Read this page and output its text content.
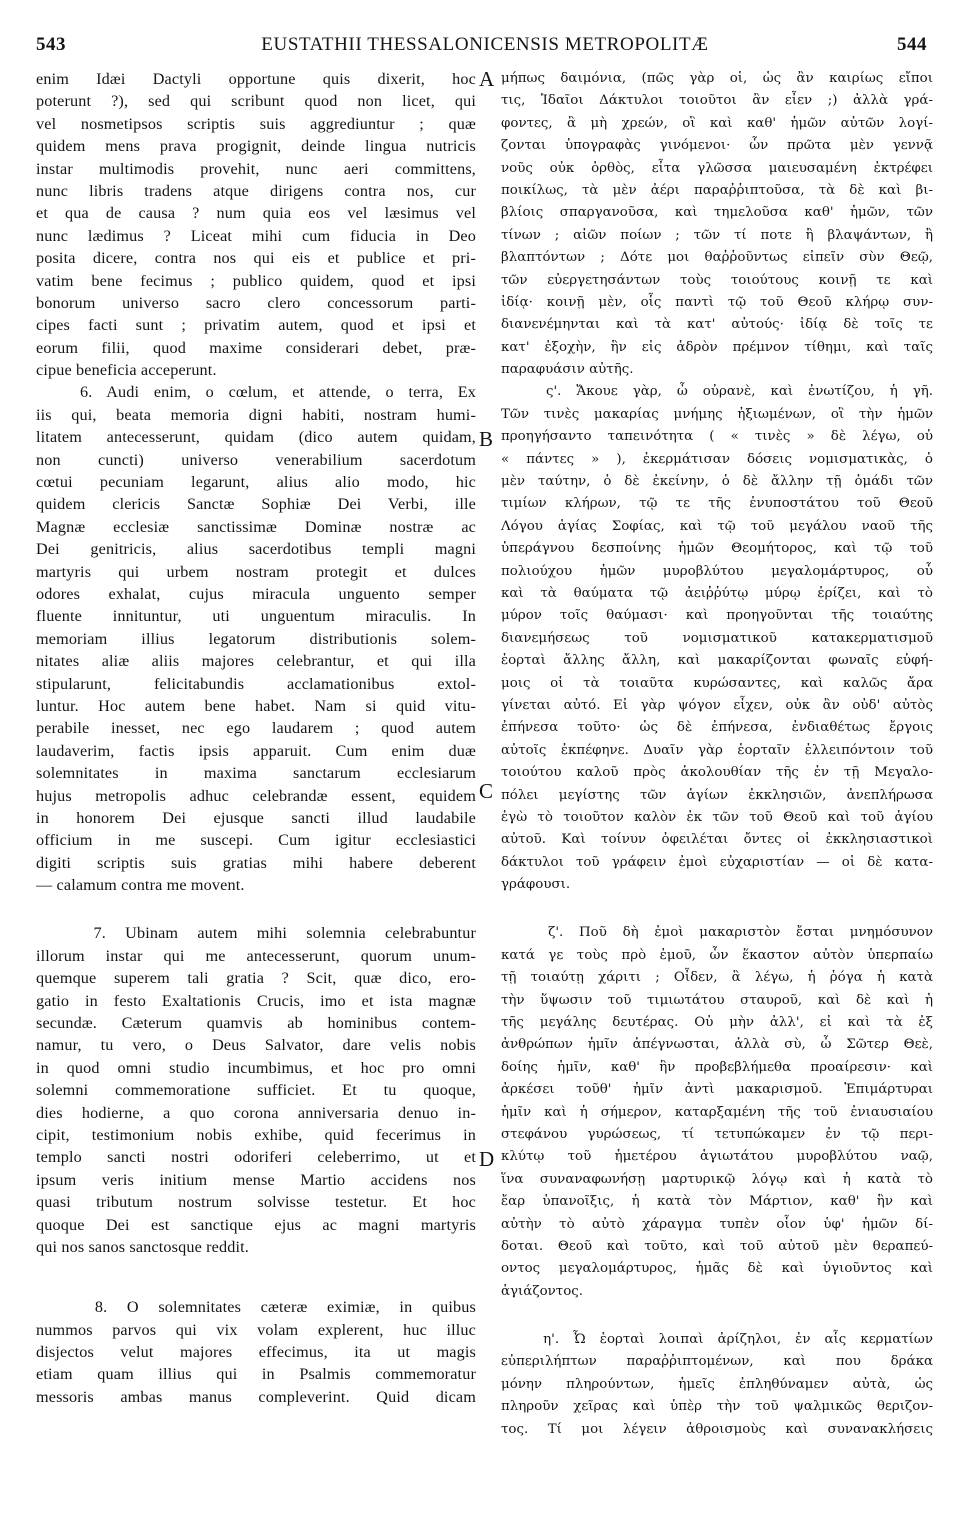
543	EUSTATHII THESSALONICENSIS METROPOLITÆ	544
enim Idæi Dactyli opportune quis dixerit, hoc
poterunt ?), sed qui scribunt quod non licet, qui
vel nosmetipsos scriptis suis aggrediuntur ; quæ
quidem mens prava progignit, deinde lingua nutricis
instar multimodis provehit, nunc aeri committens,
nunc libris tradens atque dirigens contra nos, cur
et qua de causa ? num quia eos vel læsimus vel
nunc lædimus ? Liceat mihi cum fiducia in Deo
posita dicere, contra nos qui eis et publice et pri-
vatim bene fecimus ; publico quidem, quod et ipsi
bonorum universo sacro clero concessorum parti-
cipes facti sunt ; privatim autem, quod et ipsi et
eorum filii, quod maxime considerari debet, præ-
cipue beneficia acceperunt.
6. Audi enim, o cœlum, et attende, o terra, Ex
iis qui, beata memoria digni habiti, nostram humi-
litatem antecesserunt, quidam (dico autem quidam,
non cuncti) universo venerabilium sacerdotum
cœtui pecuniam legarunt, alius alio modo, hic
quidem clericis Sanctæ Sophiæ Dei Verbi, ille
Magnæ ecclesiæ sanctissimæ Dominæ nostræ ac
Dei genitricis, alius sacerdotibus templi magni
martyris qui urbem nostram protegit et dulces
odores exhalat, cujus miracula unguento semper
fluente innituntur, uti unguentum miraculis. In
memoriam illius legatorum distributionis solem-
nitates aliæ aliis majores celebrantur, et qui illa
stipularunt, felicitabundis acclamationibus extol-
luntur. Hoc autem bene habet. Nam si quid vitu-
perabile inesset, nec ego laudarem ; quod autem
laudaverim, factis ipsis apparuit. Cum enim duæ
solemnitates in maxima sanctarum ecclesiarum
hujus metropolis adhuc celebrandæ essent, equidem
in honorem Dei ejusque sancti illud laudabile
officium in me suscepi. Cum igitur ecclesiastici
digiti scriptis suis gratias mihi habere deberent
— calamum contra me movent.
7. Ubinam autem mihi solemnia celebrabuntur
illorum instar qui me antecesserunt, quorum unum-
quemque superem tali gratia ? Scit, quæ dico, ero-
gatio in festo Exaltationis Crucis, imo et ista magnæ
secundæ. Cæterum quamvis ab hominibus contem-
namur, tu vero, o Deus Salvator, dare velis nobis
in quod omni studio incumbimus, et hoc pro omni
solemni commemoratione sufficiet. Et tu quoque,
dies hodierne, a quo corona anniversaria denuo in-
cipit, testimonium nobis exhibe, quid fecerimus in
templo sancti nostri odoriferi celeberrimo, ut et
ipsum veris initium mense Martio accidens nos
quasi tributum nostrum solvisse testetur. Et hoc
quoque Dei est sanctique ejus ac magni martyris
qui nos sanos sanctosque reddit.
8. O solemnitates cæteræ eximiæ, in quibus
nummos parvos qui vix volam explerent, huc illuc
disjectos velut majores effecimus, ita ut magis
etiam quam illius qui in Psalmis commemoratur
messoris ambas manus compleverint. Quid dicam
μήπως δαιμόνια, (πῶς γὰρ οἱ, ὡς ἂν καιρίως εἴποι
τις, Ἰδαῖοι Δάκτυλοι τοιοῦτοι ἂν εἶεν ;) ἀλλὰ γρά-
φοντες, ἃ μὴ χρεών, οἳ καὶ καθ' ἡμῶν αὐτῶν λογί-
ζονται ὑπογραφὰς γινόμενοι· ὧν πρῶτα μὲν γεννᾷ
νοῦς οὐκ ὀρθὸς, εἶτα γλῶσσα μαιευσαμένη ἐκτρέφει
ποικίλως, τὰ μὲν ἀέρι παραῤῥιπτοῦσα, τὰ δὲ καὶ βι-
βλίοις σπαργανοῦσα, καὶ τημελοῦσα καθ' ἡμῶν, τῶν
τίνων ; αἰῶν ποίων ; τῶν τί ποτε ἢ βλαψάντων, ἢ
βλαπτόντων ; Δότε μοι θαῤῥοῦντως εἰπεῖν σὺν Θεῷ,
τῶν εὐεργετησάντων τοὺς τοιούτους κοινῇ τε καὶ
ἰδίᾳ· κοινῇ μὲν, οἷς παντὶ τῷ τοῦ Θεοῦ κλήρῳ συν-
διανενέμηνται καὶ τὰ κατ' αὐτούς· ἰδίᾳ δὲ τοῖς τε
κατ' ἐξοχὴν, ἣν εἰς ἀδρὸν πρέμνον τίθημι, καὶ ταῖς
παραφυάσιν αὐτῆς.
ς'. Ἄκουε γὰρ, ὦ οὐρανὲ, καὶ ἐνωτίζου, ἡ γῆ.
Τῶν τινὲς μακαρίας μνήμης ἠξιωμένων, οἳ τὴν ἡμῶν
προηγήσαντο ταπεινότητα ( « τινὲς » δὲ λέγω, οὐ
« πάντες » ), ἐκερμάτισαν δόσεις νομισματικὰς, ὁ
μὲν ταύτην, ὁ δὲ ἐκείνην, ὁ δὲ ἄλλην τῇ ὁμάδι τῶν
τιμίων κλήρων, τῷ τε τῆς ἐνυποστάτου τοῦ Θεοῦ
Λόγου ἁγίας Σοφίας, καὶ τῷ τοῦ μεγάλου ναοῦ τῆς
ὑπεράγνου δεσποίνης ἡμῶν Θεομήτορος, καὶ τῷ τοῦ
πολιούχου ἡμῶν μυροβλύτου μεγαλομάρτυρος, οὗ
καὶ τὰ θαύματα τῷ ἀειῤῥύτῳ μύρῳ ἐρίζει, καὶ τὸ
μύρον τοῖς θαύμασι· καὶ προηγοῦνται τῆς τοιαύτης
διανεμήσεως τοῦ νομισματικοῦ κατακερματισμοῦ
ἑορταὶ ἄλλης ἄλλη, καὶ μακαρίζονται φωναῖς εὐφή-
μοις οἱ τὰ τοιαῦτα κυρώσαντες, καὶ καλῶς ἄρα
γίνεται αὐτό. Εἰ γὰρ ψόγον εἶχεν, οὐκ ἂν οὐδ' αὐτὸς
ἐπήνεσα τοῦτο· ὡς δὲ ἐπήνεσα, ἐνδιαθέτως ἔργοις
αὐτοῖς ἐκπέφηνε. Δυαῖν γὰρ ἑορταῖν ἐλλειπόντοιν τοῦ
τοιούτου καλοῦ πρὸς ἀκολουθίαν τῆς ἐν τῇ Μεγαλο-
πόλει μεγίστης τῶν ἁγίων ἐκκλησιῶν, ἀνεπλήρωσα
ἐγὼ τὸ τοιοῦτον καλὸν ἐκ τῶν τοῦ Θεοῦ καὶ τοῦ ἁγίου
αὐτοῦ. Καὶ τοίνυν ὀφειλέται ὄντες οἱ ἐκκλησιαστικοὶ
δάκτυλοι τοῦ γράφειν ἐμοὶ εὐχαριστίαν — οἱ δὲ κατα-
γράφουσι.
ζ'. Ποῦ δὴ ἐμοὶ μακαριστὸν ἔσται μνημόσυνον
κατά γε τοὺς πρὸ ἐμοῦ, ὧν ἕκαστον αὐτὸν ὑπερπαίω
τῇ τοιαύτῃ χάριτι ; Οἶδεν, ἃ λέγω, ἡ ῥόγα ἡ κατὰ
τὴν ὕψωσιν τοῦ τιμιωτάτου σταυροῦ, καὶ δὲ καὶ ἡ
τῆς μεγάλης δευτέρας. Οὐ μὴν ἀλλ', εἰ καὶ τὰ ἐξ
ἀνθρώπων ἡμῖν ἀπέγνωσται, ἀλλὰ σὺ, ὦ Σῶτερ Θεὲ,
δοίης ἡμῖν, καθ' ἣν προβεβλήμεθα προαίρεσιν· καὶ
ἀρκέσει τοῦθ' ἡμῖν ἀντὶ μακαρισμοῦ. Ἐπιμάρτυραι
ἡμῖν καὶ ἡ σήμερον, καταρξαμένη τῆς τοῦ ἐνιαυσιαίου
στεφάνου γυρώσεως, τί τετυπώκαμεν ἐν τῷ περι-
κλύτῳ τοῦ ἡμετέρου ἁγιωτάτου μυροβλύτου ναῷ,
ἵνα συναναφωνήσῃ μαρτυρικῷ λόγῳ καὶ ἡ κατὰ τὸ
ἔαρ ὑπανοῖξις, ἡ κατὰ τὸν Μάρτιον, καθ' ἣν καὶ
αὐτὴν τὸ αὐτὸ χάραγμα τυπὲν οἷον ὑφ' ἡμῶν δί-
δοται. Θεοῦ καὶ τοῦτο, καὶ τοῦ αὐτοῦ μὲν θεραπεύ-
οντος μεγαλομάρτυρος, ἡμᾶς δὲ καὶ ὑγιοῦντος καὶ
ἁγιάζοντος.
η'. Ὦ ἑορταὶ λοιπαὶ ἀρίζηλοι, ἐν αἷς κερματίων
εὐπεριλήπτων παραῤῥιπτομένων, καὶ που δράκα
μόνην πληρούντων, ἡμεῖς ἐπληθύναμεν αὐτὰ, ὡς
πληροῦν χεῖρας καὶ ὑπὲρ τὴν τοῦ ψαλμικῶς θεριζον-
τος. Τί μοι λέγειν ἀθροισμοὺς καὶ συνανακλήσεις
A
B
C
D
